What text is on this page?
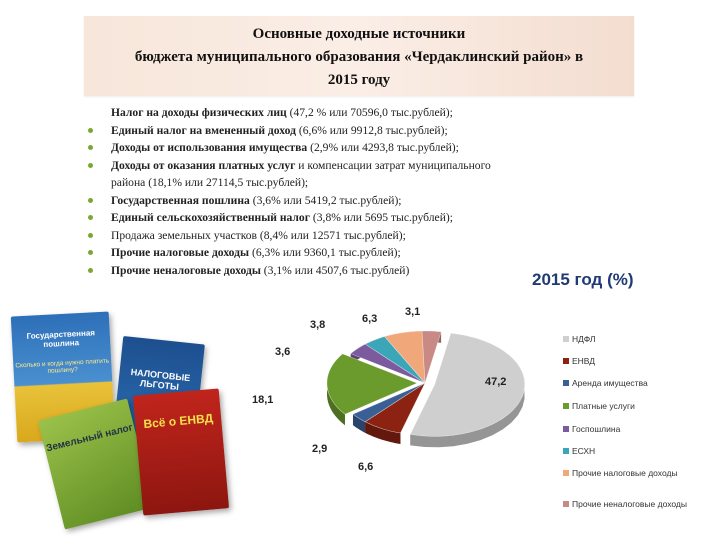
Основные доходные источники
бюджета муниципального образования «Чердаклинский район» в
2015 году
Налог на доходы физических лиц (47,2 % или 70596,0 тыс.рублей);
Единый налог на вмененный доход (6,6% или 9912,8 тыс.рублей);
Доходы от использования имущества (2,9% или 4293,8 тыс.рублей);
Доходы от оказания платных услуг и компенсации затрат муниципального
района (18,1% или 27114,5 тыс.рублей);
Государственная пошлина (3,6% или 5419,2 тыс.рублей);
Единый сельскохозяйственный налог (3,8% или 5695 тыс.рублей);
Продажа земельных участков (8,4% или 12571 тыс.рублей);
Прочие налоговые доходы (6,3% или 9360,1 тыс.рублей);
Прочие неналоговые доходы (3,1% или 4507,6 тыс.рублей)	2015 год (%)
Государственная пошлина
Сколько и когда нужно платить пошлину?	НАЛОГОВЫЕ ЛЬГОТЫ
Земельный налог
Всё о ЕНВД
47,2
6,6
2,9
18,1
3,6
3,8	6,3
3,1
НДФЛ
ЕНВД
Аренда имущества
Платные услуги
Госпошлина
ЕСХН
Прочие налоговые доходы
Прочие неналоговые доходы
